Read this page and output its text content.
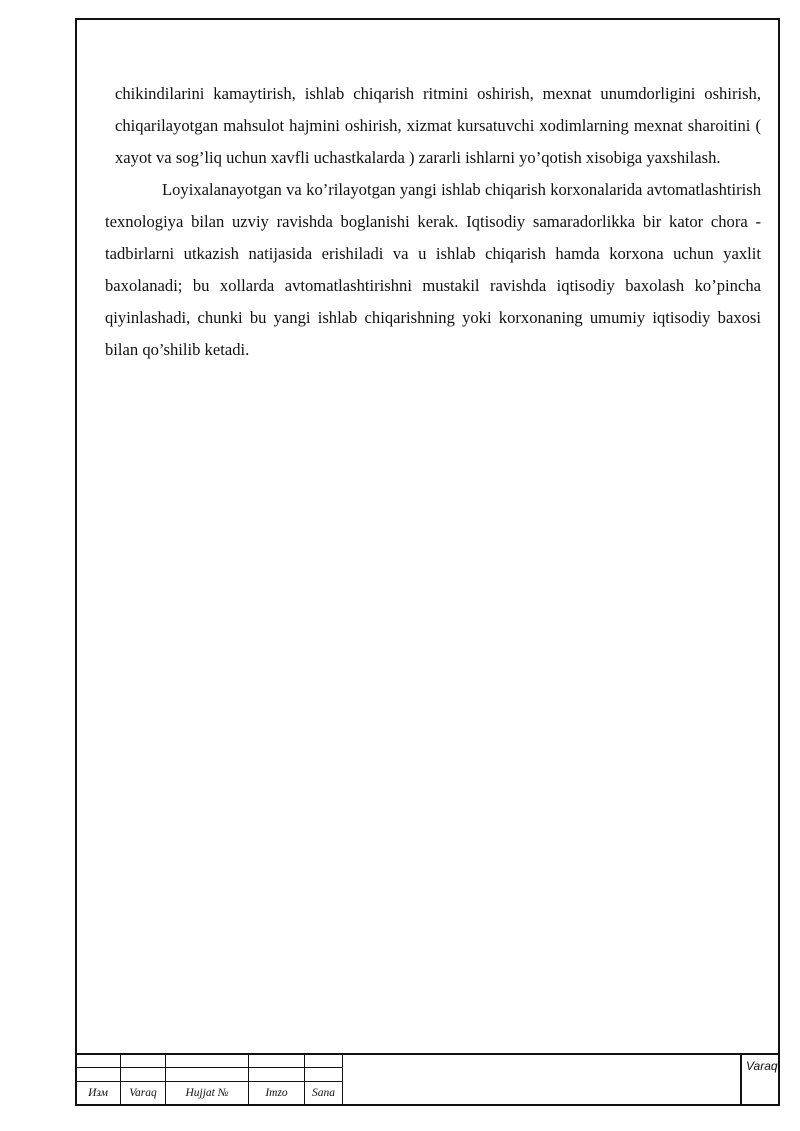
chikindilarini kamaytirish, ishlab chiqarish ritmini oshirish, mexnat unumdorligini oshirish, chiqarilayotgan mahsulot hajmini oshirish, xizmat kursatuvchi xodimlarning mexnat sharoitini ( xayot va sog’liq uchun xavfli uchastkalarda ) zararli ishlarni yo’qotish xisobiga yaxshilash.

Loyixalanayotgan va ko’rilayotgan yangi ishlab chiqarish korxonalarida avtomatlashtirish texnologiya bilan uzviy ravishda boglanishi kerak. Iqtisodiy samaradorlikka bir kator chora - tadbirlarni utkazish natijasida erishiladi va u ishlab chiqarish hamda korxona uchun yaxlit baxolanadi; bu xollarda avtomatlashtirishni mustakil ravishda iqtisodiy baxolash ko’pincha qiyinlashadi, chunki bu yangi ishlab chiqarishning yoki korxonaning umumiy iqtisodiy baxosi bilan qo’shilib ketadi.

Изм	Varaq	Hujjat №	Imzo	Sana
Varaq
